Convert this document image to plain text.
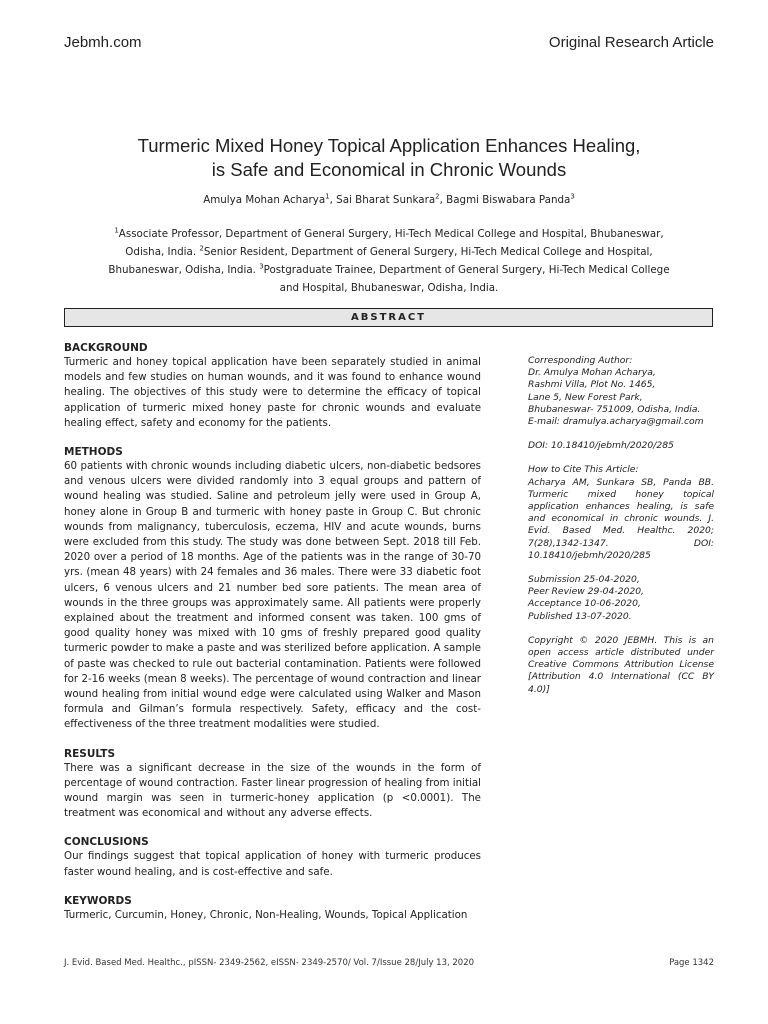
Jebmh.com	Original Research Article
Turmeric Mixed Honey Topical Application Enhances Healing,
is Safe and Economical in Chronic Wounds
Amulya Mohan Acharya$^1$, Sai Bharat Sunkara$^2$, Bagmi Biswabara Panda$^3$
$^1$Associate Professor, Department of General Surgery, Hi-Tech Medical College and Hospital, Bhubaneswar, Odisha, India. $^2$Senior Resident, Department of General Surgery, Hi-Tech Medical College and Hospital, Bhubaneswar, Odisha, India. $^3$Postgraduate Trainee, Department of General Surgery, Hi-Tech Medical College and Hospital, Bhubaneswar, Odisha, India.
ABSTRACT

BACKGROUND

Turmeric and honey topical application have been separately studied in animal models and few studies on human wounds, and it was found to enhance wound healing. The objectives of this study were to determine the efficacy of topical application of turmeric mixed honey paste for chronic wounds and evaluate healing effect, safety and economy for the patients.

METHODS

60 patients with chronic wounds including diabetic ulcers, non-diabetic bedsores and venous ulcers were divided randomly into 3 equal groups and pattern of wound healing was studied. Saline and petroleum jelly were used in Group A, honey alone in Group B and turmeric with honey paste in Group C. But chronic wounds from malignancy, tuberculosis, eczema, HIV and acute wounds, burns were excluded from this study. The study was done between Sept. 2018 till Feb. 2020 over a period of 18 months. Age of the patients was in the range of 30-70 yrs. (mean 48 years) with 24 females and 36 males. There were 33 diabetic foot ulcers, 6 venous ulcers and 21 number bed sore patients. The mean area of wounds in the three groups was approximately same. All patients were properly explained about the treatment and informed consent was taken. 100 gms of good quality honey was mixed with 10 gms of freshly prepared good quality turmeric powder to make a paste and was sterilized before application. A sample of paste was checked to rule out bacterial contamination. Patients were followed for 2-16 weeks (mean 8 weeks). The percentage of wound contraction and linear wound healing from initial wound edge were calculated using Walker and Mason formula and Gilman’s formula respectively. Safety, efficacy and the cost-effectiveness of the three treatment modalities were studied.

RESULTS

There was a significant decrease in the size of the wounds in the form of percentage of wound contraction. Faster linear progression of healing from initial wound margin was seen in turmeric-honey application (p <0.0001). The treatment was economical and without any adverse effects.

CONCLUSIONS

Our findings suggest that topical application of honey with turmeric produces faster wound healing, and is cost-effective and safe.

KEYWORDS

Turmeric, Curcumin, Honey, Chronic, Non-Healing, Wounds, Topical Application

Corresponding Author:
Dr. Amulya Mohan Acharya,
Rashmi Villa, Plot No. 1465,
Lane 5, New Forest Park,
Bhubaneswar- 751009, Odisha, India.
E-mail: dramulya.acharya@gmail.com
DOI: 10.18410/jebmh/2020/285
How to Cite This Article:
Acharya AM, Sunkara SB, Panda BB. Turmeric mixed honey topical application enhances healing, is safe and economical in chronic wounds. J. Evid. Based Med. Healthc. 2020; 7(28),1342-1347. DOI: 10.18410/jebmh/2020/285
Submission 25-04-2020,
Peer Review 29-04-2020,
Acceptance 10-06-2020,
Published 13-07-2020.
Copyright © 2020 JEBMH. This is an open access article distributed under Creative Commons Attribution License [Attribution 4.0 International (CC BY 4.0)]
J. Evid. Based Med. Healthc., pISSN- 2349-2562, eISSN- 2349-2570/ Vol. 7/Issue 28/July 13, 2020	Page 1342
